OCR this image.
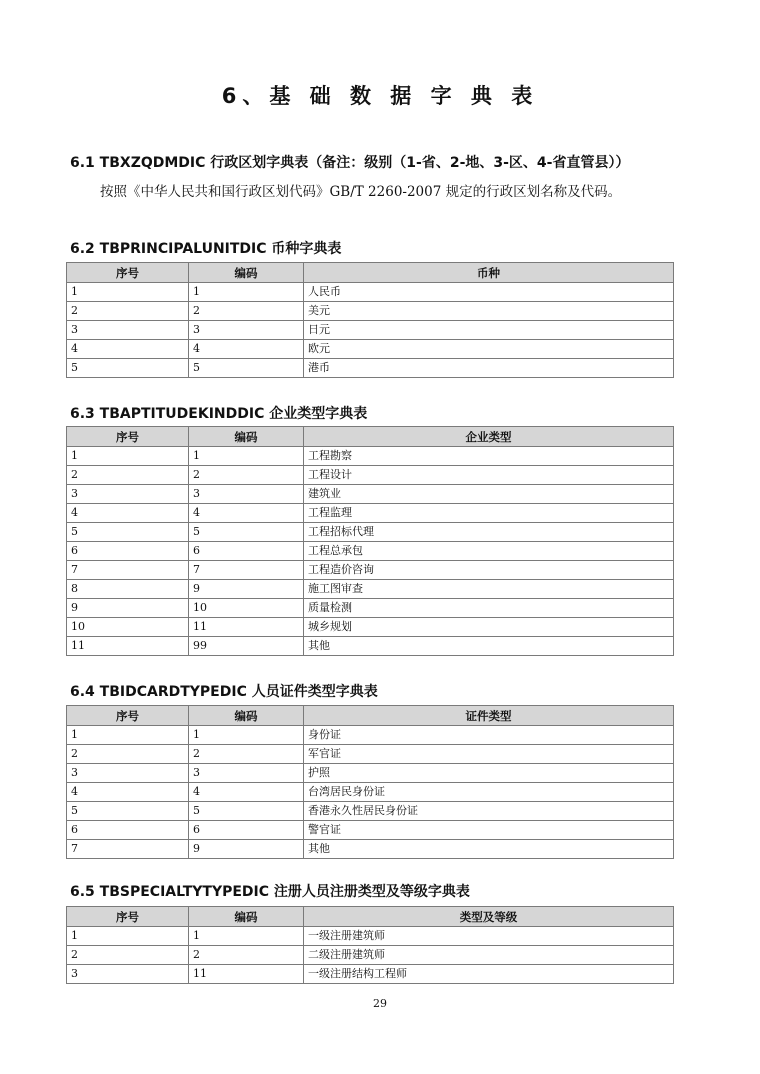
6、基 础 数 据 字 典 表
6.1 TBXZQDMDIC 行政区划字典表（备注：级别（1-省、2-地、3-区、4-省直管县））
按照《中华人民共和国行政区划代码》GB/T 2260-2007 规定的行政区划名称及代码。
6.2 TBPRINCIPALUNITDIC 币种字典表
序号	编码	币种
1	1	人民币
2	2	美元
3	3	日元
4	4	欧元
5	5	港币
6.3 TBAPTITUDEKINDDIC 企业类型字典表
序号	编码	企业类型
1	1	工程勘察
2	2	工程设计
3	3	建筑业
4	4	工程监理
5	5	工程招标代理
6	6	工程总承包
7	7	工程造价咨询
8	9	施工图审查
9	10	质量检测
10	11	城乡规划
11	99	其他
6.4 TBIDCARDTYPEDIC 人员证件类型字典表
序号	编码	证件类型
1	1	身份证
2	2	军官证
3	3	护照
4	4	台湾居民身份证
5	5	香港永久性居民身份证
6	6	警官证
7	9	其他
6.5 TBSPECIALTYTYPEDIC 注册人员注册类型及等级字典表
序号	编码	类型及等级
1	1	一级注册建筑师
2	2	二级注册建筑师
3	11	一级注册结构工程师
29
